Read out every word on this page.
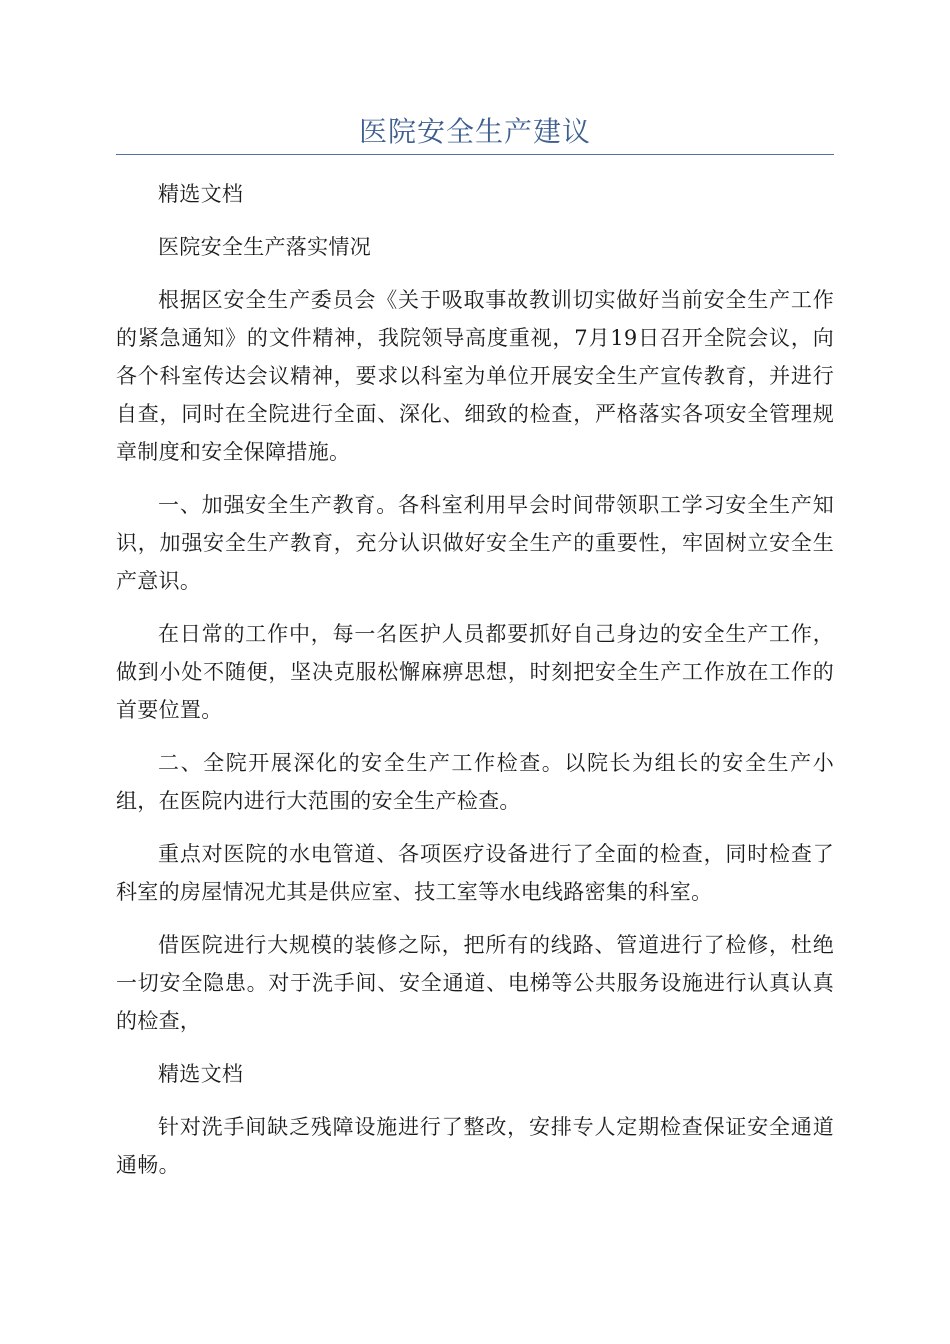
医院安全生产建议

精选文档

医院安全生产落实情况

根据区安全生产委员会《关于吸取事故教训切实做好当前安全生产工作的紧急通知》的文件精神，我院领导高度重视，7月19日召开全院会议，向各个科室传达会议精神，要求以科室为单位开展安全生产宣传教育，并进行自查，同时在全院进行全面、深化、细致的检查，严格落实各项安全管理规章制度和安全保障措施。

一、加强安全生产教育。各科室利用早会时间带领职工学习安全生产知识，加强安全生产教育，充分认识做好安全生产的重要性，牢固树立安全生产意识。

在日常的工作中，每一名医护人员都要抓好自己身边的安全生产工作，做到小处不随便，坚决克服松懈麻痹思想，时刻把安全生产工作放在工作的首要位置。

二、全院开展深化的安全生产工作检查。以院长为组长的安全生产小组，在医院内进行大范围的安全生产检查。

重点对医院的水电管道、各项医疗设备进行了全面的检查，同时检查了科室的房屋情况尤其是供应室、技工室等水电线路密集的科室。

借医院进行大规模的装修之际，把所有的线路、管道进行了检修，杜绝一切安全隐患。对于洗手间、安全通道、电梯等公共服务设施进行认真认真的检查，

精选文档

针对洗手间缺乏残障设施进行了整改，安排专人定期检查保证安全通道通畅。
